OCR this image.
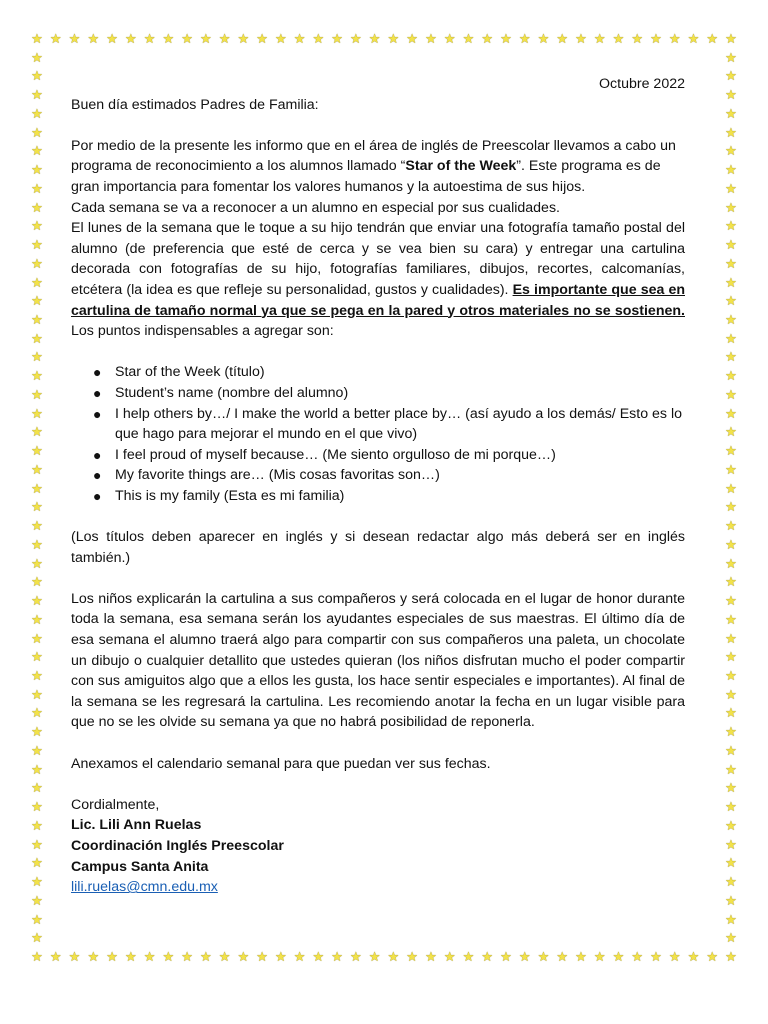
★
★
★
★
★
★
★
★
★
★
★
★
★
★
★
★
★
★
★
★
★
★
★
★
★
★
★
★
★
★
★
★
★
★
★
★
★
★
★
★
★
★
★
★
★
★
★
★
★
★
★
★
★
★
★
★
★
★
★
★
★
★
★
★
★
★
★
★
★
★
★
★
★
★
★
★
★	★
★	★
★	★
★	★
★	★
★	★
★	★
★	★
★	★
★	★
★	★
★	★
★	★
★	★
★	★
★	★
★	★
★	★
★	★
★	★
★	★
★	★
★	★
★	★
★	★
★	★
★	★
★	★
★	★
★	★
★	★
★	★
★	★
★	★
★	★
★	★
★	★
★	★
★	★
★	★
★	★
★	★
★	★
★	★
★	★
★	★
★	★
★	★

Octubre 2022

Buen día estimados Padres de Familia:

Por medio de la presente les informo que en el área de inglés de Preescolar llevamos a cabo un programa de reconocimiento a los alumnos llamado “Star of the Week”. Este programa es de gran importancia para fomentar los valores humanos y la autoestima de sus hijos.

Cada semana se va a reconocer a un alumno en especial por sus cualidades.

El lunes de la semana que le toque a su hijo tendrán que enviar una fotografía tamaño postal del alumno (de preferencia que esté de cerca y se vea bien su cara) y entregar una cartulina decorada con fotografías de su hijo, fotografías familiares, dibujos, recortes, calcomanías, etcétera (la idea es que refleje su personalidad, gustos y cualidades). Es importante que sea en cartulina de tamaño normal ya que se pega en la pared y otros materiales no se sostienen. Los puntos indispensables a agregar son:

● Star of the Week (título)
● Student’s name (nombre del alumno)
● I help others by…/ I make the world a better place by… (así ayudo a los demás/ Esto es lo que hago para mejorar el mundo en el que vivo)
● I feel proud of myself because… (Me siento orgulloso de mi porque…)
● My favorite things are… (Mis cosas favoritas son…)
● This is my family (Esta es mi familia)

(Los títulos deben aparecer en inglés y si desean redactar algo más deberá ser en inglés también.)

Los niños explicarán la cartulina a sus compañeros y será colocada en el lugar de honor durante toda la semana, esa semana serán los ayudantes especiales de sus maestras. El último día de esa semana el alumno traerá algo para compartir con sus compañeros una paleta, un chocolate un dibujo o cualquier detallito que ustedes quieran (los niños disfrutan mucho el poder compartir con sus amiguitos algo que a ellos les gusta, los hace sentir especiales e importantes). Al final de la semana se les regresará la cartulina. Les recomiendo anotar la fecha en un lugar visible para que no se les olvide su semana ya que no habrá posibilidad de reponerla.

Anexamos el calendario semanal para que puedan ver sus fechas.

Cordialmente,

Lic. Lili Ann Ruelas

Coordinación Inglés Preescolar

Campus Santa Anita

lili.ruelas@cmn.edu.mx
